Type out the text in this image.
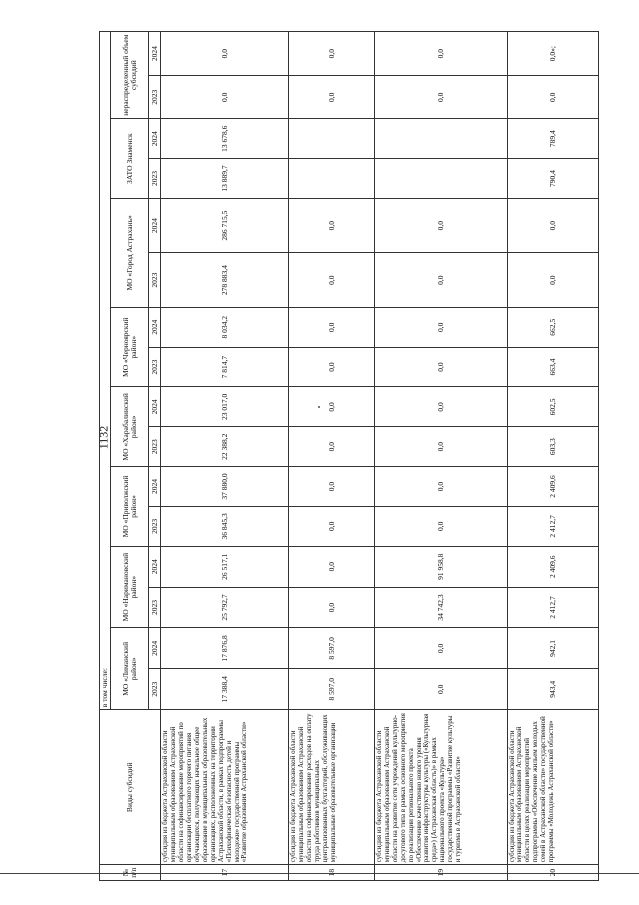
1132
№ п/п	Виды субсидий	в том числе:															
		МО «Лиманский район»		МО «Наримановский район»		МО «Приволжский район»		МО «Харабалинский район»		МО «Черноярский район»		МО «Город Астрахань»		ЗАТО Знаменск		нераспределенный объем субсидий	
		2023	2024	2023	2024	2023	2024	2023	2024	2023	2024	2023	2024	2023	2024	2023	2024
17	субсидия из бюджета Астраханской области муниципальным образованиям Астраханской области на софинансирование мероприятий по организации бесплатного горячего питания обучающихся, получающих начальное общее образование в муниципальных образовательных организациях, расположенных на территории Астраханской области, в рамках подпрограммы «Психофизическая безопасность детей и молодежи» государственной программы «Развитие образования Астраханской области»	17 388,4	17 876,8	25 792,7	26 517,1	36 845,3	37 880,0	22 388,2	23 017,0	7 814,7	8 034,2	278 883,4	286 715,5	13 889,7	13 678,6	0,0	0,0
18	субсидия из бюджета Астраханской области муниципальным образованиям Астраханской области на софинансирование расходов на оплату труда работников муниципальных централизованных бухгалтерий, обслуживающих муниципальные образовательные организации	8 597,0	8 597,0	0,0	0,0	0,0	0,0	0,0	0,0	0,0	0,0	0,0	0,0			0,0	0,0
19	субсидия из бюджета Астраханской области муниципальным образованиям Астраханской области на развитие сети учреждений культурно-досугового типа в рамках основного мероприятия по реализации регионального проекта «Обеспечение качественно нового уровня развития инфраструктуры культуры («Культурная среда») (Астраханская область)» в рамках национального проекта «Культура» государственной программы «Развитие культуры и туризма в Астраханской области»	0,0	0,0	34 742,3	91 958,8	0,0	0,0	0,0	0,0	0,0	0,0	0,0	0,0			0,0	0,0
20	субсидия из бюджета Астраханской области муниципальным образованиям Астраханской области в целях реализации мероприятий подпрограммы «Обеспечение жильем молодых семей в Астраханской области» государственной программы «Молодежь Астраханской области»	943,4	942,1	2 412,7	2 409,6	2 412,7	2 409,6	603,3	602,5	663,4	662,5	0,0	0,0	790,4	789,4	0,0	0,0»;
